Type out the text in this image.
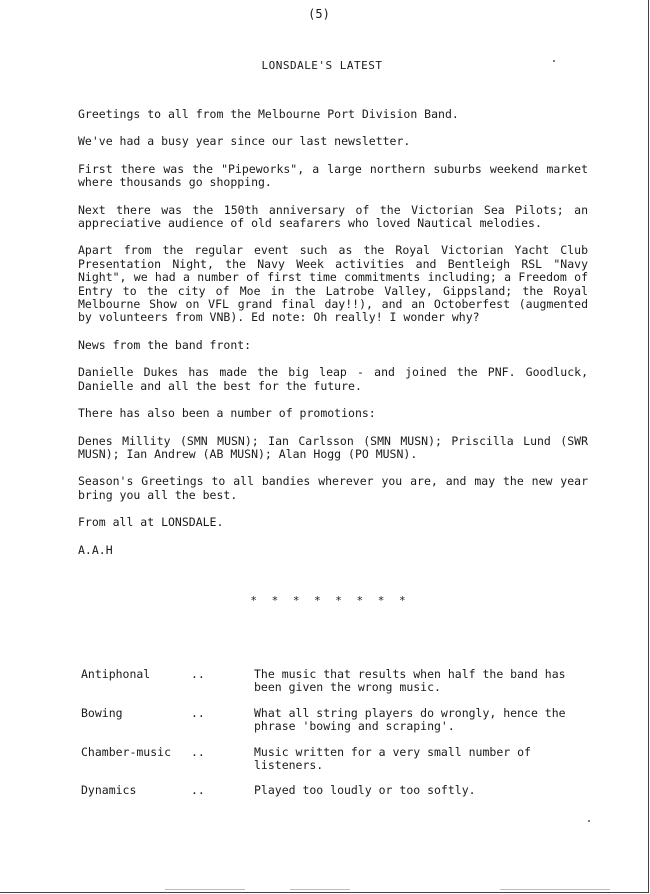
(5)
LONSDALE'S LATEST

Greetings to all from the Melbourne Port Division Band.

We've had a busy year since our last newsletter.

First there was the "Pipeworks", a large northern suburbs weekend market where thousands go shopping.

Next there was the 150th anniversary of the Victorian Sea Pilots; an appreciative audience of old seafarers who loved Nautical melodies.

Apart from the regular event such as the Royal Victorian Yacht Club Presentation Night, the Navy Week activities and Bentleigh RSL "Navy Night", we had a number of first time commitments including; a Freedom of Entry to the city of Moe in the Latrobe Valley, Gippsland; the Royal Melbourne Show on VFL grand final day!!), and an Octoberfest (augmented by volunteers from VNB). Ed note: Oh really! I wonder why?

News from the band front:

Danielle Dukes has made the big leap - and joined the PNF. Goodluck, Danielle and all the best for the future.

There has also been a number of promotions:

Denes Millity (SMN MUSN); Ian Carlsson (SMN MUSN); Priscilla Lund (SWR MUSN); Ian Andrew (AB MUSN); Alan Hogg (PO MUSN).

Season's Greetings to all bandies wherever you are, and may the new year bring you all the best.

From all at LONSDALE.

A.A.H

* * * * * * * *
Antiphonal	..	The music that results when half the band has been given the wrong music.
Bowing	..	What all string players do wrongly, hence the phrase 'bowing and scraping'.
Chamber-music	..	Music written for a very small number of listeners.
Dynamics	..	Played too loudly or too softly.
